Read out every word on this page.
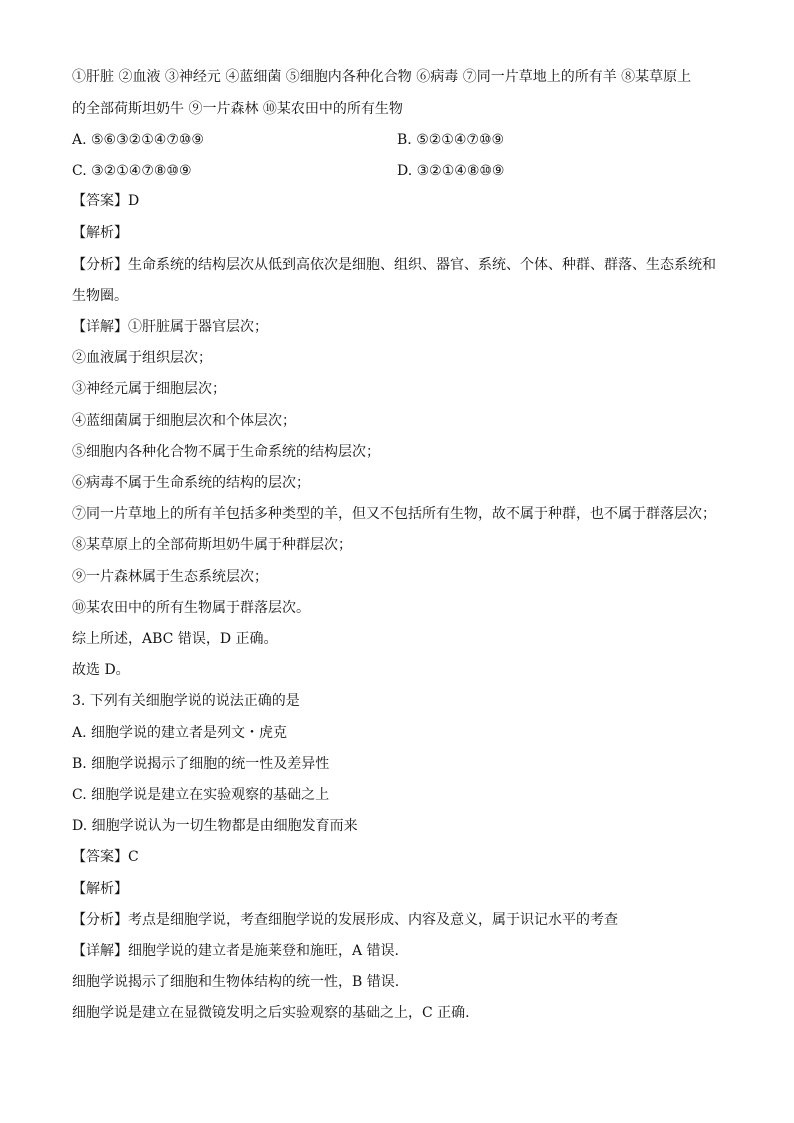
①肝脏 ②血液 ③神经元 ④蓝细菌 ⑤细胞内各种化合物 ⑥病毒 ⑦同一片草地上的所有羊 ⑧某草原上
的全部荷斯坦奶牛 ⑨一片森林 ⑩某农田中的所有生物
A. ⑤⑥③②①④⑦⑩⑨	B. ⑤②①④⑦⑩⑨
C. ③②①④⑦⑧⑩⑨	D. ③②①④⑧⑩⑨
【答案】D
【解析】
【分析】生命系统的结构层次从低到高依次是细胞、组织、器官、系统、个体、种群、群落、生态系统和
生物圈。
【详解】①肝脏属于器官层次；
②血液属于组织层次；
③神经元属于细胞层次；
④蓝细菌属于细胞层次和个体层次；
⑤细胞内各种化合物不属于生命系统的结构层次；
⑥病毒不属于生命系统的结构的层次；
⑦同一片草地上的所有羊包括多种类型的羊，但又不包括所有生物，故不属于种群，也不属于群落层次；
⑧某草原上的全部荷斯坦奶牛属于种群层次；
⑨一片森林属于生态系统层次；
⑩某农田中的所有生物属于群落层次。
综上所述，ABC 错误，D 正确。
故选 D。
3. 下列有关细胞学说的说法正确的是
A. 细胞学说的建立者是列文・虎克
B. 细胞学说揭示了细胞的统一性及差异性
C. 细胞学说是建立在实验观察的基础之上
D. 细胞学说认为一切生物都是由细胞发育而来
【答案】C
【解析】
【分析】考点是细胞学说，考查细胞学说的发展形成、内容及意义，属于识记水平的考查
【详解】细胞学说的建立者是施莱登和施旺，A 错误.
细胞学说揭示了细胞和生物体结构的统一性，B 错误.
细胞学说是建立在显微镜发明之后实验观察的基础之上，C 正确.
